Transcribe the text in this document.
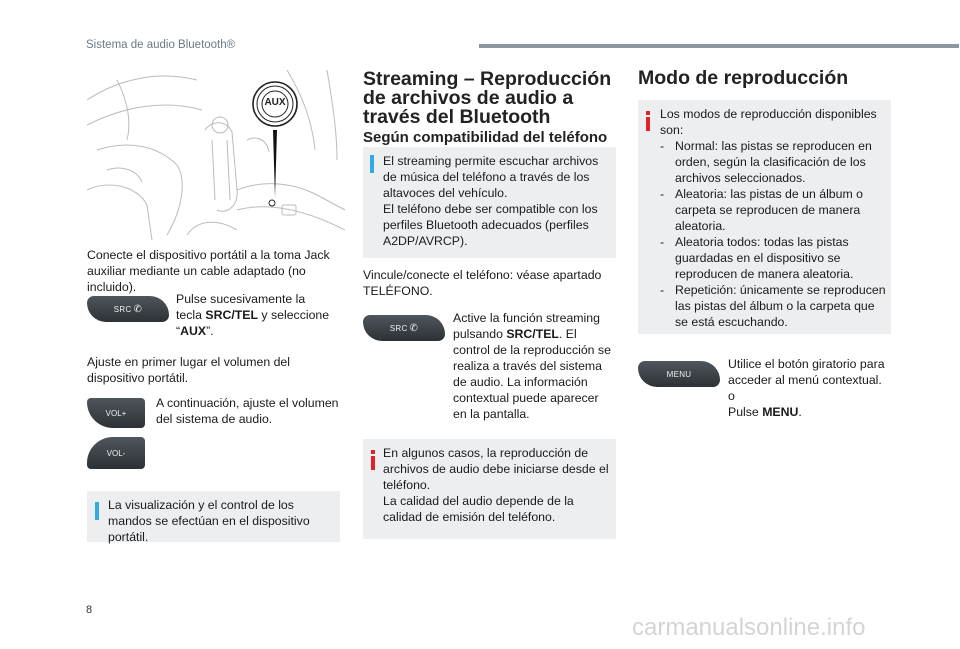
Sistema de audio Bluetooth®
AUX
Conecte el dispositivo portátil a la toma Jack auxiliar mediante un cable adaptado (no incluido).
SRC ✆
Pulse sucesivamente la
tecla SRC/TEL y seleccione
“AUX”.
Ajuste en primer lugar el volumen del dispositivo portátil.
VOL+
VOL-
A continuación, ajuste el volumen del sistema de audio.
La visualización y el control de los mandos se efectúan en el dispositivo portátil.
Streaming – Reproducción de archivos de audio a través del Bluetooth
Según compatibilidad del teléfono
El streaming permite escuchar archivos de música del teléfono a través de los altavoces del vehículo.
El teléfono debe ser compatible con los perfiles Bluetooth adecuados (perfiles A2DP/AVRCP).
Vincule/conecte el teléfono: véase apartado TELÉFONO.
SRC ✆
Active la función streaming pulsando SRC/TEL. El control de la reproducción se realiza a través del sistema de audio. La información contextual puede aparecer en la pantalla.
En algunos casos, la reproducción de archivos de audio debe iniciarse desde el teléfono.
La calidad del audio depende de la calidad de emisión del teléfono.
Modo de reproducción
Los modos de reproducción disponibles son:
- Normal: las pistas se reproducen en orden, según la clasificación de los archivos seleccionados.
- Aleatoria: las pistas de un álbum o carpeta se reproducen de manera aleatoria.
- Aleatoria todos: todas las pistas guardadas en el dispositivo se reproducen de manera aleatoria.
- Repetición: únicamente se reproducen las pistas del álbum o la carpeta que se está escuchando.
MENU
Utilice el botón giratorio para acceder al menú contextual.
o
Pulse MENU.
8
carmanualsonline.info
